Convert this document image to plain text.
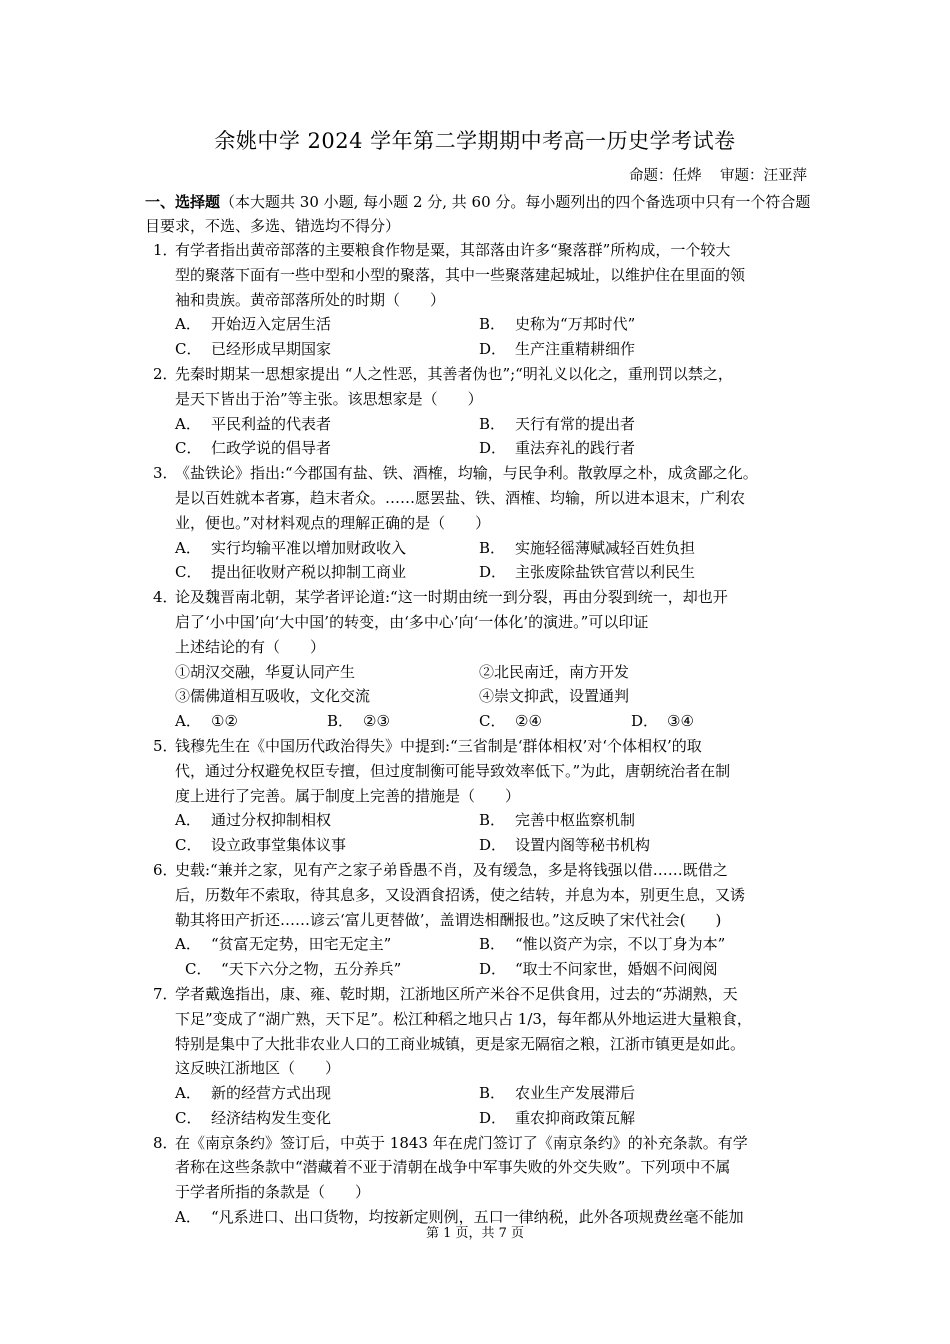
余姚中学 2024 学年第二学期期中考高一历史学考试卷
命题：任烨    审题：汪亚萍
一、选择题（本大题共 30 小题, 每小题 2 分, 共 60 分。每小题列出的四个备选项中只有一个符合题目要求，不选、多选、错选均不得分）
1．
有学者指出黄帝部落的主要粮食作物是粟，其部落由许多“聚落群”所构成，一个较大
型的聚落下面有一些中型和小型的聚落，其中一些聚落建起城址，以维护住在里面的领
袖和贵族。黄帝部落所处的时期（　　）
A． 开始迈入定居生活	B． 史称为“万邦时代”
C． 已经形成早期国家	D． 生产注重精耕细作
2．
先秦时期某一思想家提出 “人之性恶，其善者伪也”;“明礼义以化之，重刑罚以禁之，
是天下皆出于治”等主张。该思想家是（　　）
A． 平民利益的代表者	B． 天行有常的提出者
C． 仁政学说的倡导者	D． 重法弃礼的践行者
3．
《盐铁论》指出:“今郡国有盐、铁、酒榷，均输，与民争利。散敦厚之朴，成贪鄙之化。
是以百姓就本者寡，趋末者众。……愿罢盐、铁、酒榷、均输，所以进本退末，广利农
业，便也。”对材料观点的理解正确的是（　　）
A． 实行均输平准以增加财政收入	B． 实施轻徭薄赋减轻百姓负担
C． 提出征收财产税以抑制工商业	D． 主张废除盐铁官营以利民生
4．
论及魏晋南北朝，某学者评论道:“这一时期由统一到分裂，再由分裂到统一，却也开
启了‘小中国’向‘大中国’的转变，由‘多中心’向‘一体化’的演进。”可以印证
上述结论的有（　　）
①胡汉交融，华夏认同产生	②北民南迁，南方开发
③儒佛道相互吸收，文化交流	④崇文抑武，设置通判
A． ①②	B． ②③	C． ②④	D． ③④
5．
钱穆先生在《中国历代政治得失》中提到:“三省制是‘群体相权’对‘个体相权’的取
代，通过分权避免权臣专擅，但过度制衡可能导致效率低下。”为此，唐朝统治者在制
度上进行了完善。属于制度上完善的措施是（　　）
A． 通过分权抑制相权	B． 完善中枢监察机制
C． 设立政事堂集体议事	D． 设置内阁等秘书机构
6．
史载:“兼并之家，见有产之家子弟昏愚不肖，及有缓急，多是将钱强以借……既借之
后，历数年不索取，待其息多，又设酒食招诱，使之结转，并息为本，别更生息，又诱
勒其将田产折还……谚云‘富儿更替做’，盖谓迭相酬报也。”这反映了宋代社会(　　)
A． “贫富无定势，田宅无定主”	B． “惟以资产为宗，不以丁身为本”
C． “天下六分之物，五分养兵”	D． “取士不问家世，婚姻不问阀阅
7．
学者戴逸指出，康、雍、乾时期，江浙地区所产米谷不足供食用，过去的“苏湖熟，天
下足”变成了“湖广熟，天下足”。松江种稻之地只占 1/3，每年都从外地运进大量粮食，
特别是集中了大批非农业人口的工商业城镇，更是家无隔宿之粮，江浙市镇更是如此。
这反映江浙地区（　　）
A． 新的经营方式出现	B． 农业生产发展滞后
C． 经济结构发生变化	D． 重农抑商政策瓦解
8．
在《南京条约》签订后，中英于 1843 年在虎门签订了《南京条约》的补充条款。有学
者称在这些条款中“潜藏着不亚于清朝在战争中军事失败的外交失败”。下列项中不属
于学者所指的条款是（　　）
A． “凡系进口、出口货物，均按新定则例，五口一律纳税，此外各项规费丝毫不能加
第 1 页，共 7 页
